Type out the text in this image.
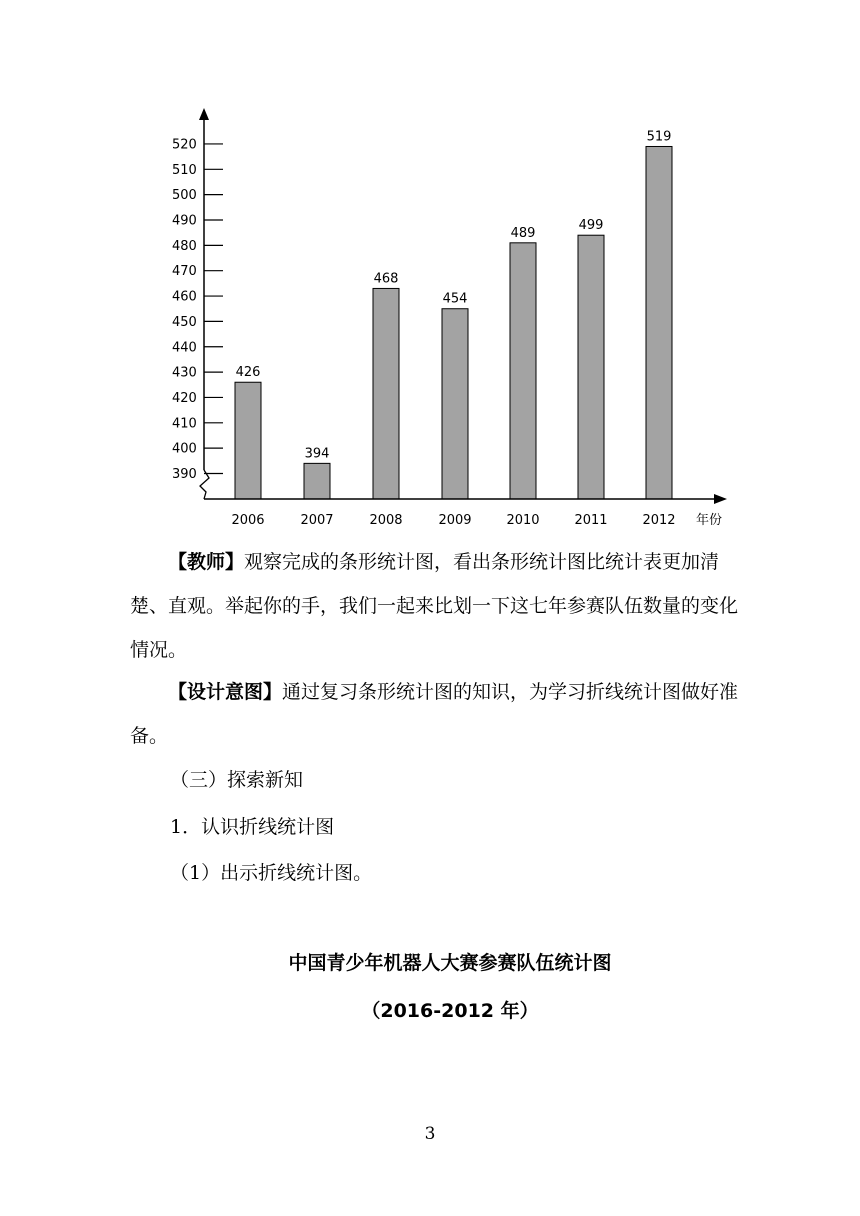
390
400
410
420
430
440
450
460
470
480
490
500
510
520
426
394
468
454
489
499
519
2006	2007	2008	2009	2010	2011	2012 年份

【教师】观察完成的条形统计图，看出条形统计图比统计表更加清楚、直观。举起你的手，我们一起来比划一下这七年参赛队伍数量的变化情况。

【设计意图】通过复习条形统计图的知识，为学习折线统计图做好准备。

（三）探索新知
1．认识折线统计图
（1）出示折线统计图。
中国青少年机器人大赛参赛队伍统计图
（2016-2012 年）
3
